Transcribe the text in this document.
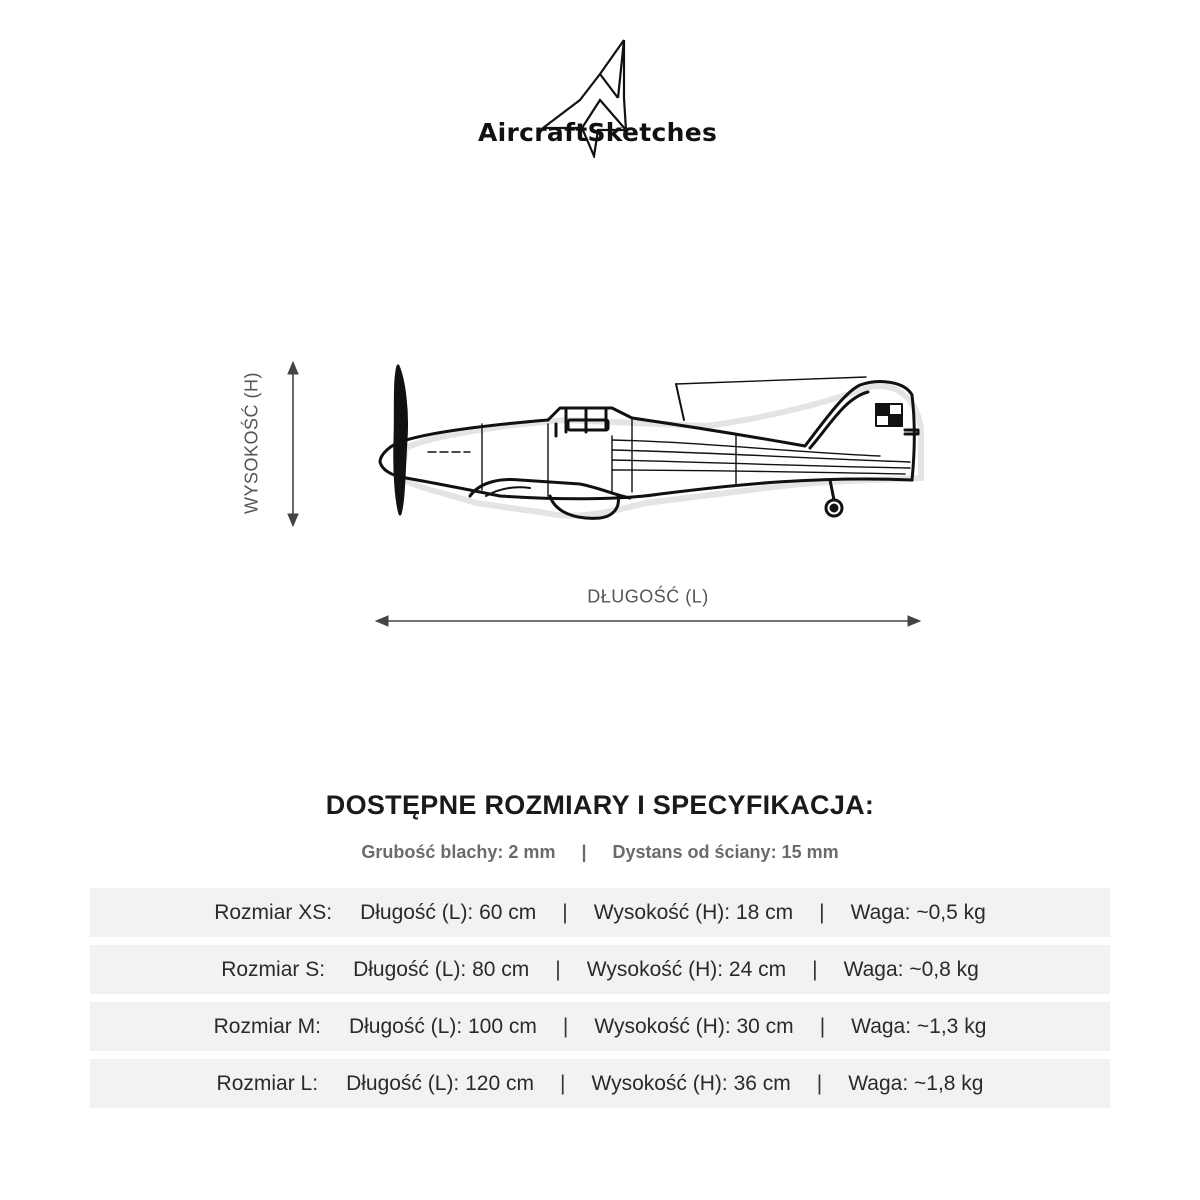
AircraftSketches
WYSOKOŚĆ (H)
DŁUGOŚĆ (L)
DOSTĘPNE ROZMIARY I SPECYFIKACJA:
Grubość blachy: 2 mm | Dystans od ściany: 15 mm
Rozmiar XS: Długość (L): 60 cm | Wysokość (H): 18 cm | Waga: ~0,5 kg
Rozmiar S: Długość (L): 80 cm | Wysokość (H): 24 cm | Waga: ~0,8 kg
Rozmiar M: Długość (L): 100 cm | Wysokość (H): 30 cm | Waga: ~1,3 kg
Rozmiar L: Długość (L): 120 cm | Wysokość (H): 36 cm | Waga: ~1,8 kg
